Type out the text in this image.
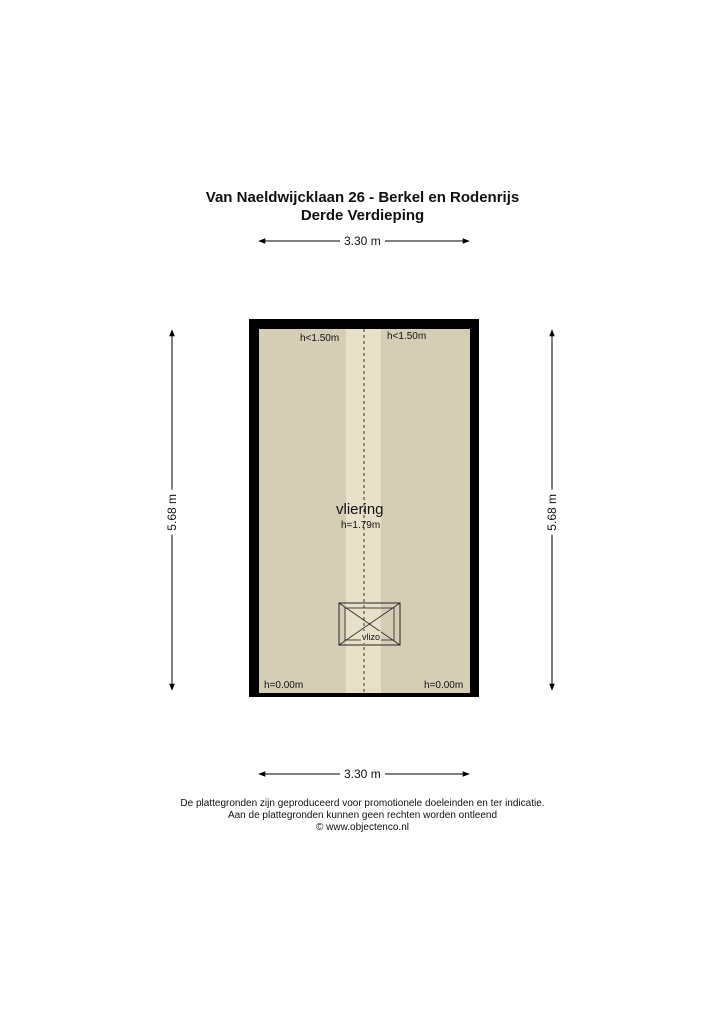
Van Naeldwijcklaan 26 - Berkel en Rodenrijs
Derde Verdieping
3.30 m
3.30 m
5.68 m	5.68 m
h<1.50m	h<1.50m
vliering
h=1.79m
vlizo
h=0.00m	h=0.00m
De plattegronden zijn geproduceerd voor promotionele doeleinden en ter indicatie.
Aan de plattegronden kunnen geen rechten worden ontleend
© www.objectenco.nl
